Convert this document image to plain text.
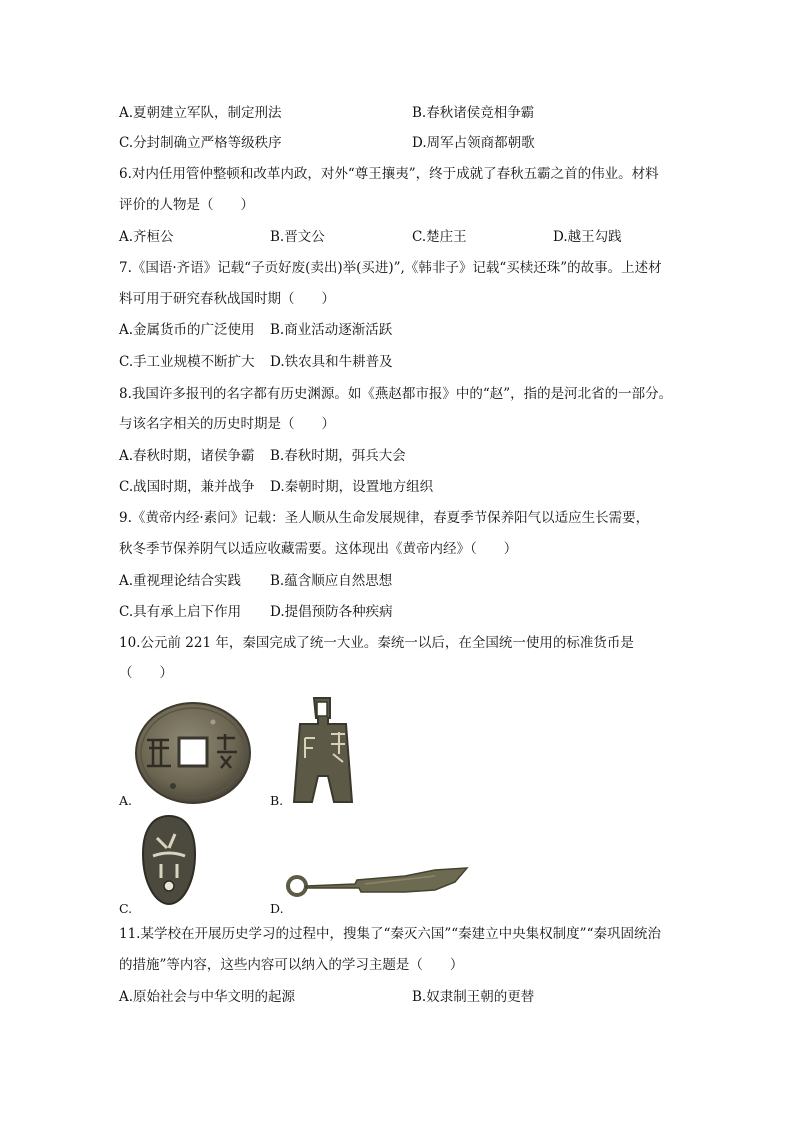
A.夏朝建立军队，制定刑法	B.春秋诸侯竞相争霸
C.分封制确立严格等级秩序	D.周军占领商都朝歌
6.对内任用管仲整顿和改革内政，对外“尊王攘夷”，终于成就了春秋五霸之首的伟业。材料
评价的人物是（　　）
A.齐桓公	B.晋文公	C.楚庄王	D.越王勾践
7.《国语·齐语》记载“子贡好废(卖出)举(买进)”,《韩非子》记载“买椟还珠”的故事。上述材
料可用于研究春秋战国时期（　　）
A.金属货币的广泛使用 B.商业活动逐渐活跃
C.手工业规模不断扩大 D.铁农具和牛耕普及
8.我国许多报刊的名字都有历史渊源。如《燕赵都市报》中的“赵”，指的是河北省的一部分。
与该名字相关的历史时期是（　　）
A.春秋时期，诸侯争霸 B.春秋时期，弭兵大会
C.战国时期，兼并战争 D.秦朝时期，设置地方组织
9.《黄帝内经·素问》记载：圣人顺从生命发展规律，春夏季节保养阳气以适应生长需要，
秋冬季节保养阴气以适应收藏需要。这体现出《黄帝内经》（　　）
A.重视理论结合实践 B.蕴含顺应自然思想
C.具有承上启下作用 D.提倡预防各种疾病
10.公元前 221 年，秦国完成了统一大业。秦统一以后，在全国统一使用的标准货币是
（　　）
A.	B.
C.	D.
11.某学校在开展历史学习的过程中，搜集了“秦灭六国”“秦建立中央集权制度”“秦巩固统治
的措施”等内容，这些内容可以纳入的学习主题是（　　）
A.原始社会与中华文明的起源	B.奴隶制王朝的更替
